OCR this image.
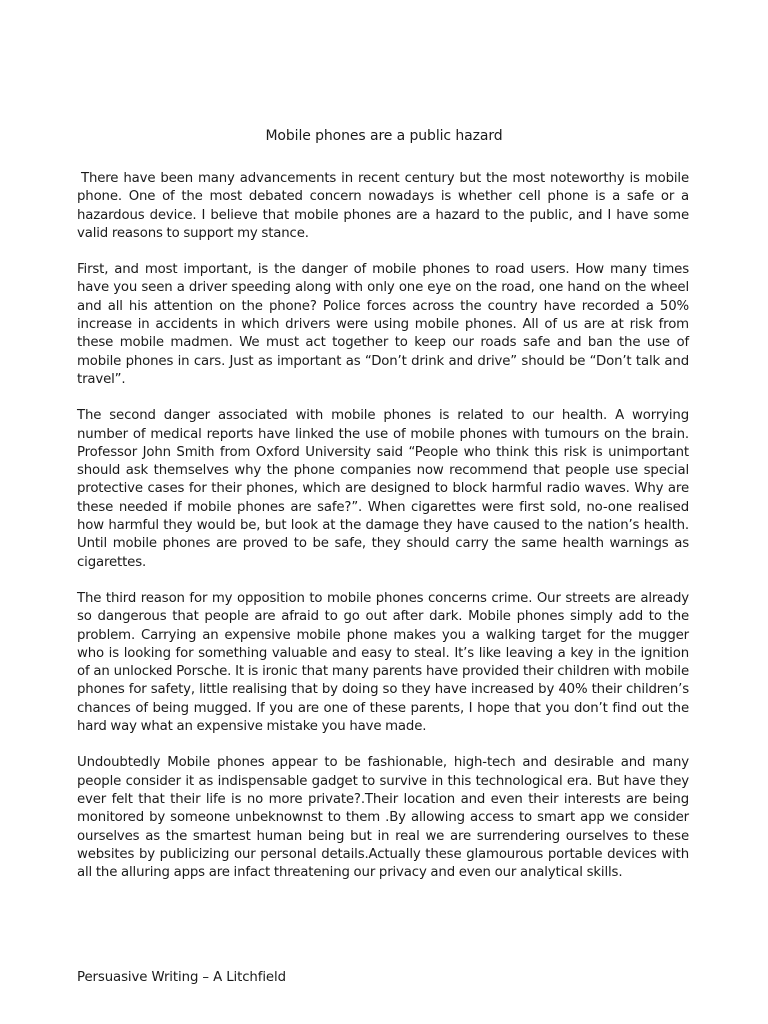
Mobile phones are a public hazard

There have been many advancements in recent century but the most noteworthy is mobile phone. One of the most debated concern nowadays is whether cell phone is a safe or a hazardous device. I believe that mobile phones are a hazard to the public, and I have some valid reasons to support my stance.

First, and most important, is the danger of mobile phones to road users. How many times have you seen a driver speeding along with only one eye on the road, one hand on the wheel and all his attention on the phone? Police forces across the country have recorded a 50% increase in accidents in which drivers were using mobile phones. All of us are at risk from these mobile madmen. We must act together to keep our roads safe and ban the use of mobile phones in cars. Just as important as “Don’t drink and drive” should be “Don’t talk and travel”.

The second danger associated with mobile phones is related to our health. A worrying number of medical reports have linked the use of mobile phones with tumours on the brain. Professor John Smith from Oxford University said “People who think this risk is unimportant should ask themselves why the phone companies now recommend that people use special protective cases for their phones, which are designed to block harmful radio waves. Why are these needed if mobile phones are safe?”. When cigarettes were first sold, no-one realised how harmful they would be, but look at the damage they have caused to the nation’s health. Until mobile phones are proved to be safe, they should carry the same health warnings as cigarettes.

The third reason for my opposition to mobile phones concerns crime. Our streets are already so dangerous that people are afraid to go out after dark. Mobile phones simply add to the problem. Carrying an expensive mobile phone makes you a walking target for the mugger who is looking for something valuable and easy to steal. It’s like leaving a key in the ignition of an unlocked Porsche. It is ironic that many parents have provided their children with mobile phones for safety, little realising that by doing so they have increased by 40% their children’s chances of being mugged. If you are one of these parents, I hope that you don’t find out the hard way what an expensive mistake you have made.

Undoubtedly Mobile phones appear to be fashionable, high-tech and desirable and many people consider it as indispensable gadget to survive in this technological era. But have they ever felt that their life is no more private?.Their location and even their interests are being monitored by someone unbeknownst to them .By allowing access to smart app we consider ourselves as the smartest human being but in real we are surrendering ourselves to these websites by publicizing our personal details.Actually these glamourous portable devices with all the alluring apps are infact threatening our privacy and even our analytical skills.

Persuasive Writing – A Litchfield
